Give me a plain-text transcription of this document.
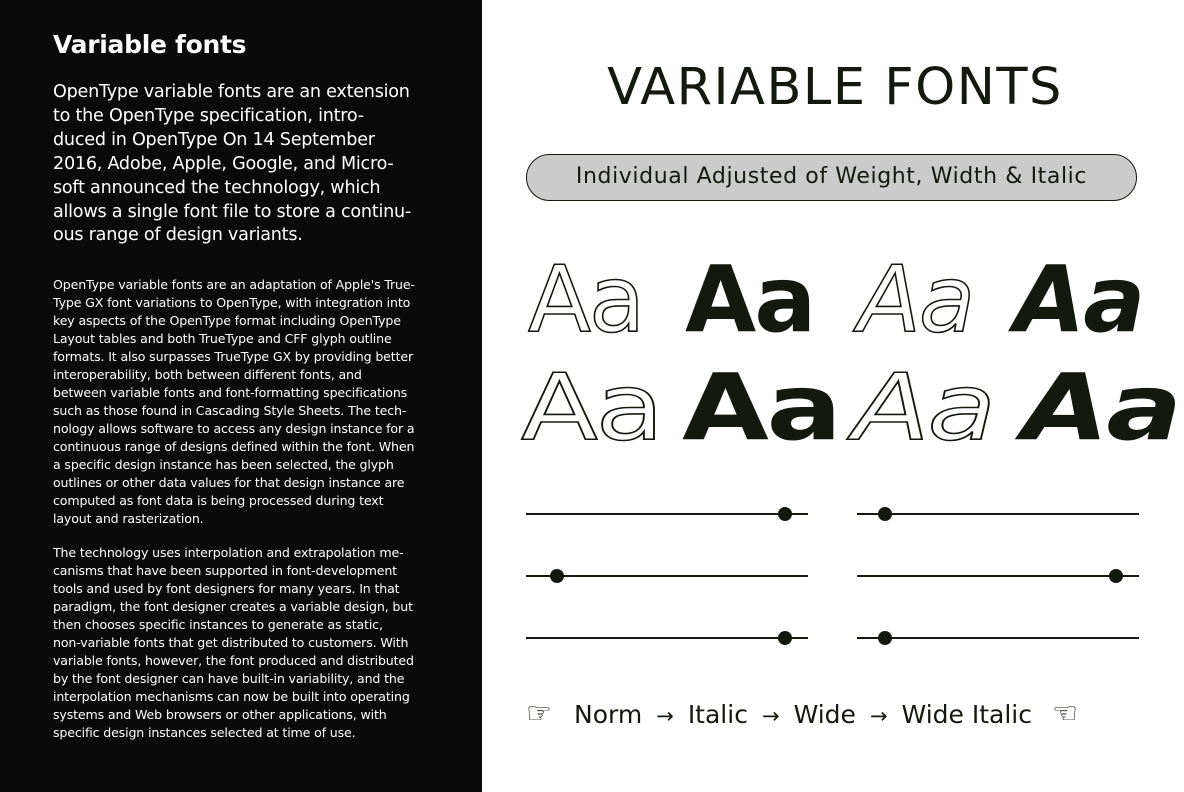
Variable fonts
OpenType variable fonts are an extension
to the OpenType specification, intro-
duced in OpenType On 14 September
2016, Adobe, Apple, Google, and Micro-
soft announced the technology, which
allows a single font file to store a continu-
ous range of design variants.
OpenType variable fonts are an adaptation of Apple's True-
Type GX font variations to OpenType, with integration into
key aspects of the OpenType format including OpenType
Layout tables and both TrueType and CFF glyph outline
formats. It also surpasses TrueType GX by providing better
interoperability, both between different fonts, and
between variable fonts and font-formatting specifications
such as those found in Cascading Style Sheets. The tech-
nology allows software to access any design instance for a
continuous range of designs defined within the font. When
a specific design instance has been selected, the glyph
outlines or other data values for that design instance are
computed as font data is being processed during text
layout and rasterization.
The technology uses interpolation and extrapolation me-
canisms that have been supported in font-development
tools and used by font designers for many years. In that
paradigm, the font designer creates a variable design, but
then chooses specific instances to generate as static,
non-variable fonts that get distributed to customers. With
variable fonts, however, the font produced and distributed
by the font designer can have built-in variability, and the
interpolation mechanisms can now be built into operating
systems and Web browsers or other applications, with
specific design instances selected at time of use.
VARIABLE FONTS
Individual Adjusted of Weight, Width & Italic
Aa Aa Aa Aa
Aa Aa Aa Aa
☞ Norm → Italic → Wide → Wide Italic ☜
